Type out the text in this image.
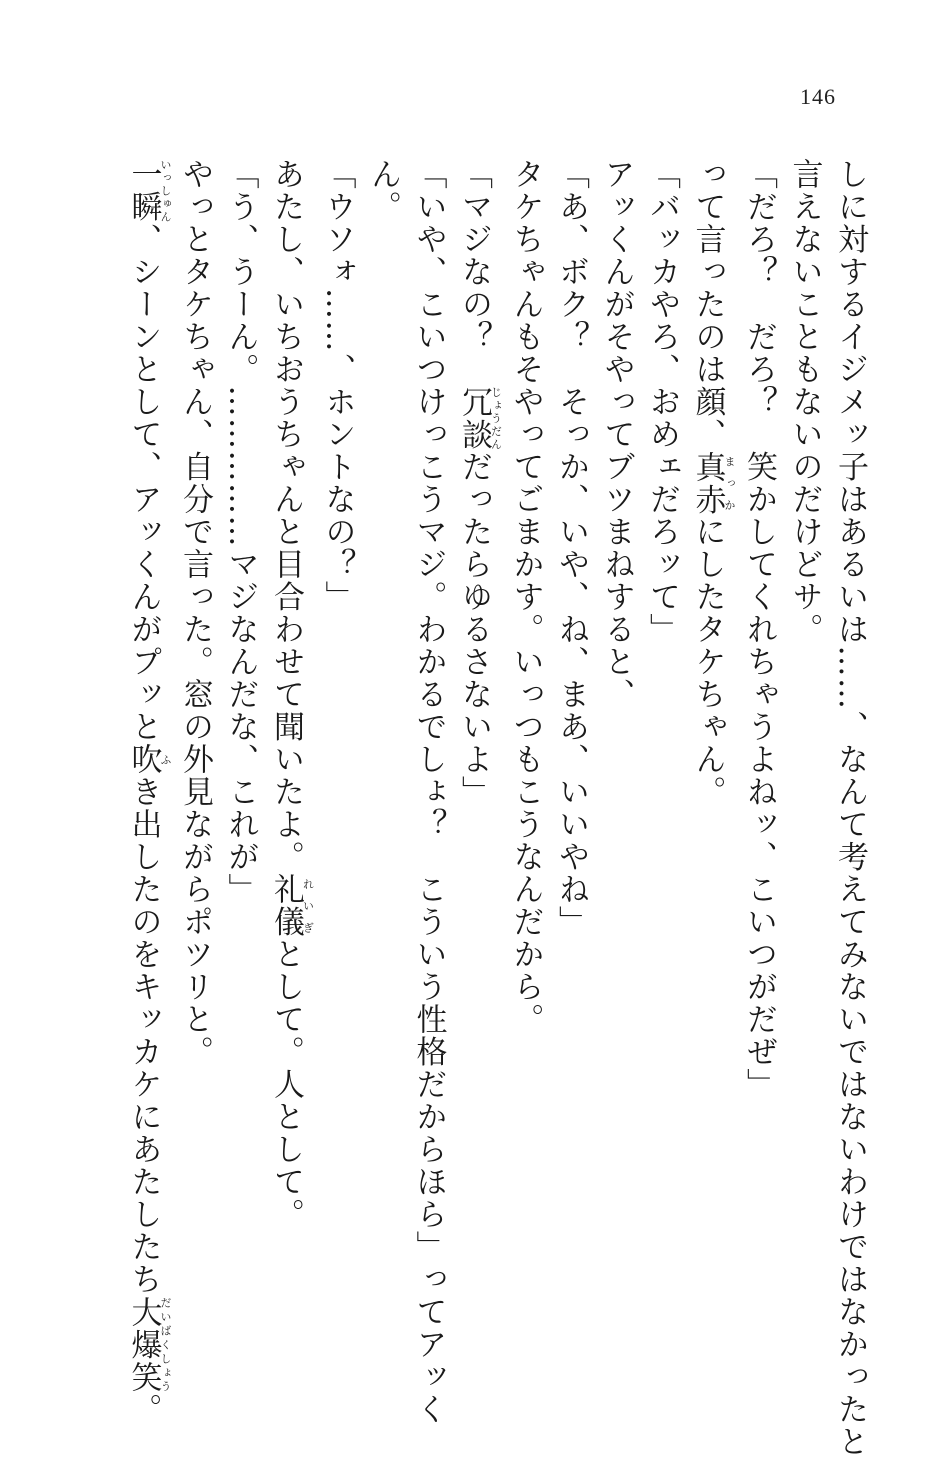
146
しに対するイジメッ子はあるいは……、なんて考えてみないではないわけではなかったと
言えないこともないのだけどサ。
「だろ？　だろ？　笑かしてくれちゃうよねッ、こいつがだぜ」
って言ったのは顔、真赤まっかにしたタケちゃん。
「バッカやろ、おめェだろッて」
アッくんがそやってブツまねすると、
「あ、ボク？　そっか、いや、ね、まあ、いいやね」
タケちゃんもそやってごまかす。いっつもこうなんだから。
「マジなの？　冗談じょうだんだったらゆるさないよ」
「いや、こいつけっこうマジ。わかるでしょ？　こういう性格だからほら」ってアッく
ん。
「ウソォ……、ホントなの？」
あたし、いちおうちゃんと目合わせて聞いたよ。礼儀れいぎとして。人として。
「う、うーん。……………マジなんだな、これが」
やっとタケちゃん、自分で言った。窓の外見ながらポツリと。
一瞬いっしゅん、シーンとして、アッくんがプッと吹ふき出したのをキッカケにあたしたち大爆笑だいばくしょう。
